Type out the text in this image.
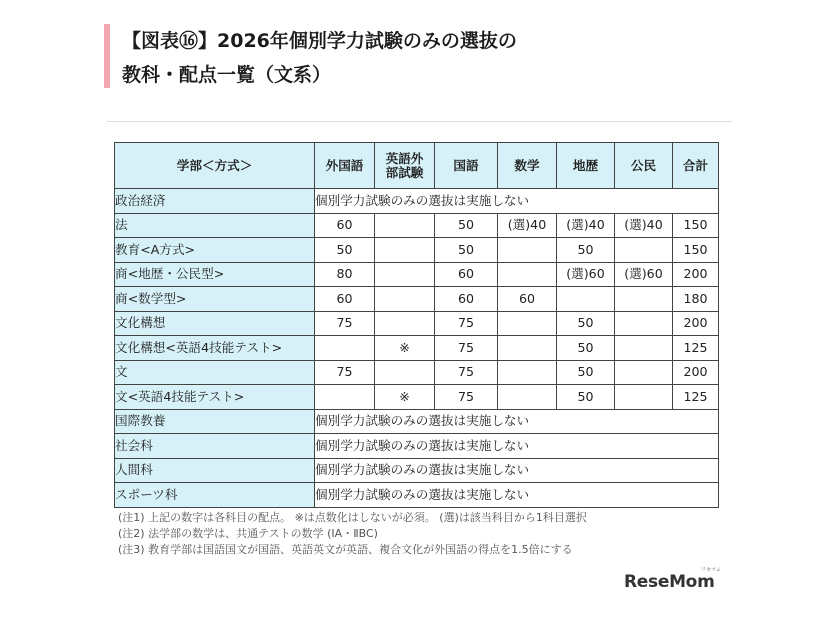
【図表⑯】2026年個別学力試験のみの選抜の
教科・配点一覧（文系）
学部＜方式＞	外国語	英語外
部試験	国語	数学	地歴	公民	合計
政治経済	個別学力試験のみの選抜は実施しない						
法	60		50	(選)40	(選)40	(選)40	150
教育<A方式>	50		50		50		150
商<地歴・公民型>	80		60		(選)60	(選)60	200
商<数学型>	60		60	60			180
文化構想	75		75		50		200
文化構想<英語4技能テスト>		※	75		50		125
文	75		75		50		200
文<英語4技能テスト>		※	75		50		125
国際教養	個別学力試験のみの選抜は実施しない						
社会科	個別学力試験のみの選抜は実施しない						
人間科	個別学力試験のみの選抜は実施しない						
スポーツ科	個別学力試験のみの選抜は実施しない						
(注1) 上記の数字は各科目の配点。 ※は点数化はしないが必須。 (選)は該当科目から1科目選択
(注2) 法学部の数学は、共通テストの数学 (ⅠA・ⅡBC)
(注3) 教育学部は国語国文が国語、英語英文が英語、複合文化が外国語の得点を1.5倍にする
ReseMom
リセマム
